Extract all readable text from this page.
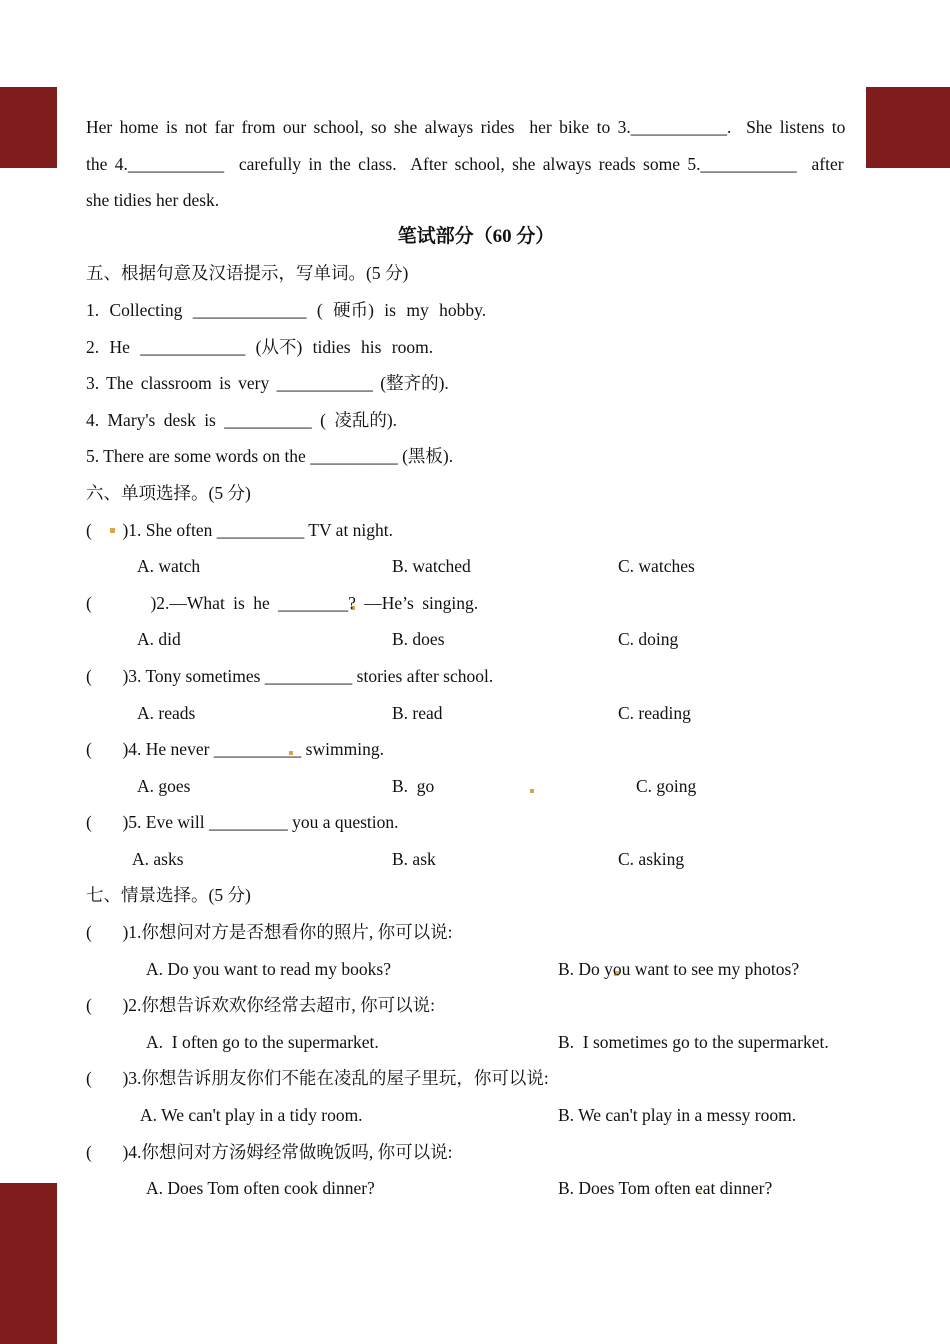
Her home is not far from our school, so she always rides  her bike to 3.___________.  She listens to
the 4.___________  carefully in the class.  After school, she always reads some 5.___________  after
she tidies her desk.
笔试部分（60 分）
五、根据句意及汉语提示，写单词。(5 分)
1. Collecting _____________ ( 硬币) is my hobby.
2. He ____________ (从不) tidies his room.
3. The classroom is very ___________ (整齐的).
4. Mary's desk is __________ ( 凌乱的).
5. There are some words on the __________ (黑板).
六、单项选择。(5 分)
(       )1. She often __________ TV at night.

A. watch

	B. watched

	C. watches

(       )2.—What is he ________? —He’s singing.

A. did

	B. does

	C. doing

(       )3. Tony sometimes __________ stories after school.

A. reads

	B. read

	C. reading

(       )4. He never __________ swimming.

A. goes

	B.  go

	C. going

(       )5. Eve will _________ you a question.

A. asks

	B. ask

	C. asking

七、情景选择。(5 分)
(       )1.你想问对方是否想看你的照片, 你可以说:

A. Do you want to read my books?

	B. Do you want to see my photos?

(       )2.你想告诉欢欢你经常去超市, 你可以说:

A.  I often go to the supermarket.

	B.  I sometimes go to the supermarket.

(       )3.你想告诉朋友你们不能在凌乱的屋子里玩，你可以说:

A. We can't play in a tidy room.

	B. We can't play in a messy room.

(       )4.你想问对方汤姆经常做晚饭吗, 你可以说:

A. Does Tom often cook dinner?

	B. Does Tom often eat dinner?
